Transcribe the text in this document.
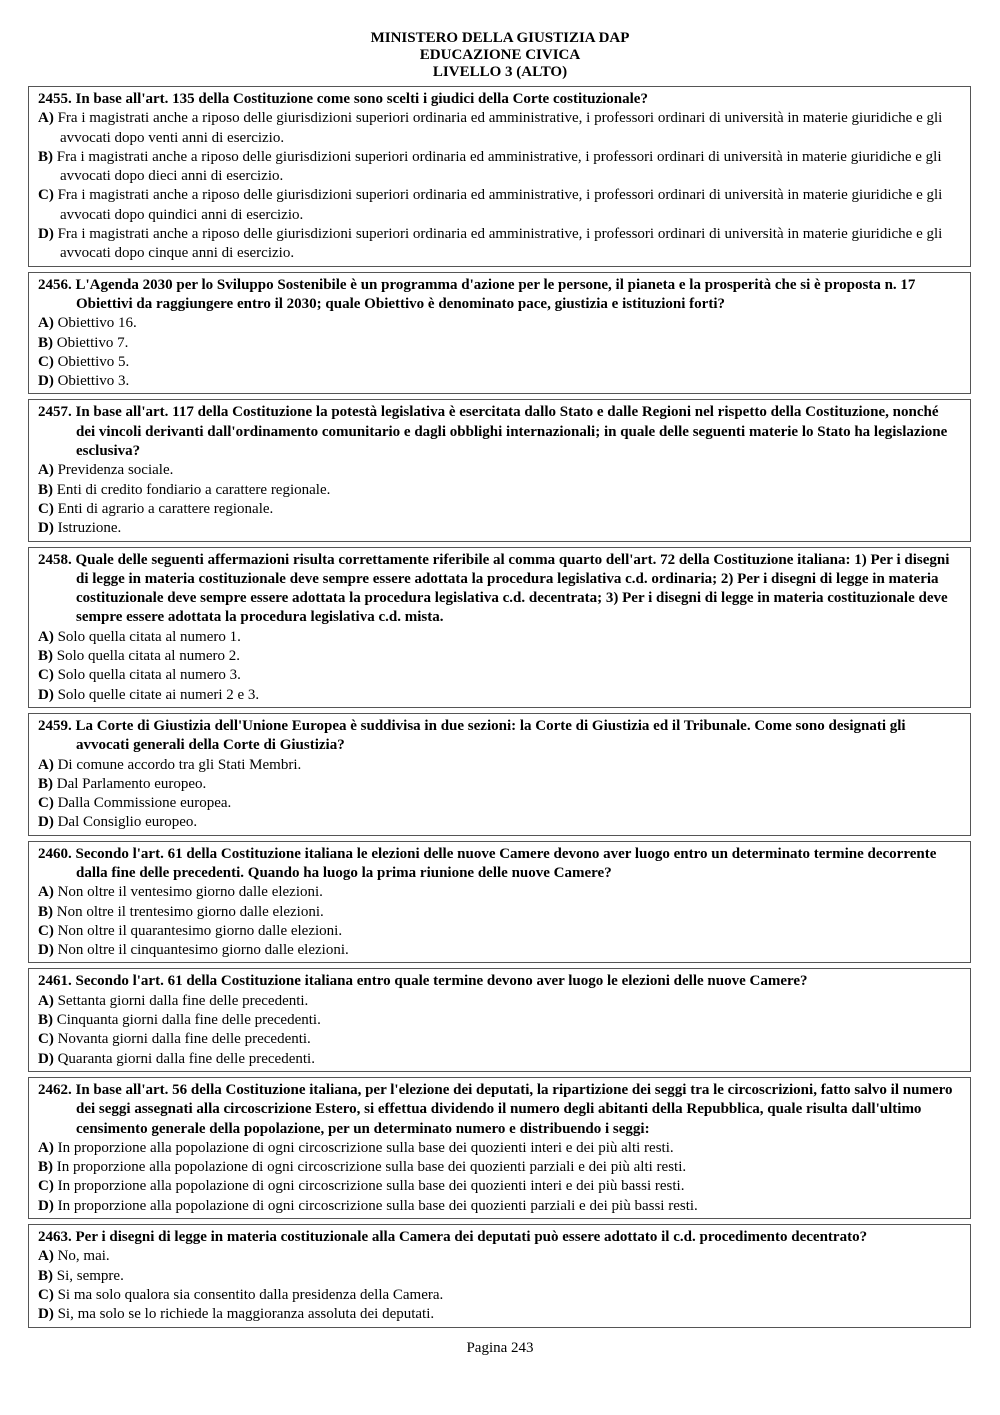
MINISTERO DELLA GIUSTIZIA DAP
EDUCAZIONE CIVICA
LIVELLO 3 (ALTO)
2455. In base all'art. 135 della Costituzione come sono scelti i giudici della Corte costituzionale?
A) Fra i magistrati anche a riposo delle giurisdizioni superiori ordinaria ed amministrative, i professori ordinari di università in materie giuridiche e gli avvocati dopo venti anni di esercizio.
B) Fra i magistrati anche a riposo delle giurisdizioni superiori ordinaria ed amministrative, i professori ordinari di università in materie giuridiche e gli avvocati dopo dieci anni di esercizio.
C) Fra i magistrati anche a riposo delle giurisdizioni superiori ordinaria ed amministrative, i professori ordinari di università in materie giuridiche e gli avvocati dopo quindici anni di esercizio.
D) Fra i magistrati anche a riposo delle giurisdizioni superiori ordinaria ed amministrative, i professori ordinari di università in materie giuridiche e gli avvocati dopo cinque anni di esercizio.
2456. L'Agenda 2030 per lo Sviluppo Sostenibile è un programma d'azione per le persone, il pianeta e la prosperità che si è proposta n. 17 Obiettivi da raggiungere entro il 2030; quale Obiettivo è denominato pace, giustizia e istituzioni forti?
A) Obiettivo 16.
B) Obiettivo 7.
C) Obiettivo 5.
D) Obiettivo 3.
2457. In base all'art. 117 della Costituzione la potestà legislativa è esercitata dallo Stato e dalle Regioni nel rispetto della Costituzione, nonché dei vincoli derivanti dall'ordinamento comunitario e dagli obblighi internazionali; in quale delle seguenti materie lo Stato ha legislazione esclusiva?
A) Previdenza sociale.
B) Enti di credito fondiario a carattere regionale.
C) Enti di agrario a carattere regionale.
D) Istruzione.
2458. Quale delle seguenti affermazioni risulta correttamente riferibile al comma quarto dell'art. 72 della Costituzione italiana: 1) Per i disegni di legge in materia costituzionale deve sempre essere adottata la procedura legislativa c.d. ordinaria; 2) Per i disegni di legge in materia costituzionale deve sempre essere adottata la procedura legislativa c.d. decentrata; 3) Per i disegni di legge in materia costituzionale deve sempre essere adottata la procedura legislativa c.d. mista.
A) Solo quella citata al numero 1.
B) Solo quella citata al numero 2.
C) Solo quella citata al numero 3.
D) Solo quelle citate ai numeri 2 e 3.
2459. La Corte di Giustizia dell'Unione Europea è suddivisa in due sezioni: la Corte di Giustizia ed il Tribunale. Come sono designati gli avvocati generali della Corte di Giustizia?
A) Di comune accordo tra gli Stati Membri.
B) Dal Parlamento europeo.
C) Dalla Commissione europea.
D) Dal Consiglio europeo.
2460. Secondo l'art. 61 della Costituzione italiana le elezioni delle nuove Camere devono aver luogo entro un determinato termine decorrente dalla fine delle precedenti. Quando ha luogo la prima riunione delle nuove Camere?
A) Non oltre il ventesimo giorno dalle elezioni.
B) Non oltre il trentesimo giorno dalle elezioni.
C) Non oltre il quarantesimo giorno dalle elezioni.
D) Non oltre il cinquantesimo giorno dalle elezioni.
2461. Secondo l'art. 61 della Costituzione italiana entro quale termine devono aver luogo le elezioni delle nuove Camere?
A) Settanta giorni dalla fine delle precedenti.
B) Cinquanta giorni dalla fine delle precedenti.
C) Novanta giorni dalla fine delle precedenti.
D) Quaranta giorni dalla fine delle precedenti.
2462. In base all'art. 56 della Costituzione italiana, per l'elezione dei deputati, la ripartizione dei seggi tra le circoscrizioni, fatto salvo il numero dei seggi assegnati alla circoscrizione Estero, si effettua dividendo il numero degli abitanti della Repubblica, quale risulta dall'ultimo censimento generale della popolazione, per un determinato numero e distribuendo i seggi:
A) In proporzione alla popolazione di ogni circoscrizione sulla base dei quozienti interi e dei più alti resti.
B) In proporzione alla popolazione di ogni circoscrizione sulla base dei quozienti parziali e dei più alti resti.
C) In proporzione alla popolazione di ogni circoscrizione sulla base dei quozienti interi e dei più bassi resti.
D) In proporzione alla popolazione di ogni circoscrizione sulla base dei quozienti parziali e dei più bassi resti.
2463. Per i disegni di legge in materia costituzionale alla Camera dei deputati può essere adottato il c.d. procedimento decentrato?
A) No, mai.
B) Si, sempre.
C) Si ma solo qualora sia consentito dalla presidenza della Camera.
D) Si, ma solo se lo richiede la maggioranza assoluta dei deputati.
Pagina 243
